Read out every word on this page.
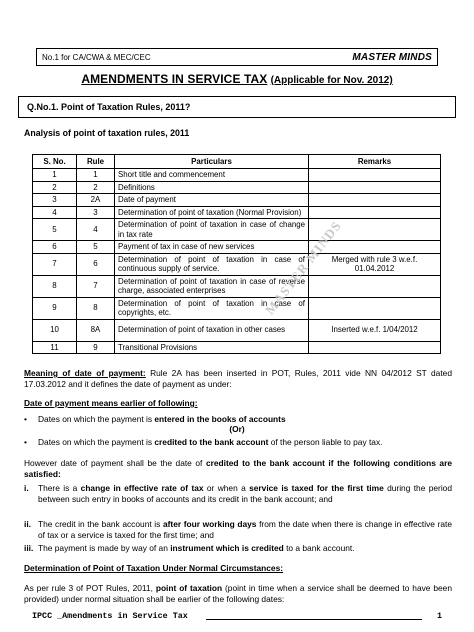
No.1 for CA/CWA & MEC/CEC	MASTER MINDS
AMENDMENTS IN SERVICE TAX (Applicable for Nov. 2012)
Q.No.1. Point of Taxation Rules, 2011?
Analysis of point of taxation rules, 2011
S. No.	Rule	Particulars	Remarks
1	1	Short title and commencement	
2	2	Definitions	
3	2A	Date of payment	
4	3	Determination of point of taxation (Normal Provision)	
5	4	Determination of point of taxation in case of change in tax rate	
6	5	Payment of tax in case of new services	
7	6	Determination of point of taxation in case of continuous supply of service.	Merged with rule 3 w.e.f. 01.04.2012
8	7	Determination of point of taxation in case of reverse charge, associated enterprises	
9	8	Determination of point of taxation in case of copyrights, etc.	
10	8A	Determination of point of taxation in other cases	Inserted w.e.f. 1/04/2012
11	9	Transitional Provisions	
MASTER MINDS
Meaning of date of payment: Rule 2A has been inserted in POT, Rules, 2011 vide NN 04/2012 ST dated 17.03.2012 and it defines the date of payment as under:
Date of payment means earlier of following:
• Dates on which the payment is entered in the books of accounts
(Or)
• Dates on which the payment is credited to the bank account of the person liable to pay tax.
However date of payment shall be the date of credited to the bank account if the following conditions are satisfied:
i. There is a change in effective rate of tax or when a service is taxed for the first time during the period between such entry in books of accounts and its credit in the bank account; and
ii. The credit in the bank account is after four working days from the date when there is change in effective rate of tax or a service is taxed for the first time; and
iii. The payment is made by way of an instrument which is credited to a bank account.
Determination of Point of Taxation Under Normal Circumstances:
As per rule 3 of POT Rules, 2011, point of taxation (point in time when a service shall be deemed to have been provided) under normal situation shall be earlier of the following dates:
IPCC _Amendments in Service Tax	1
